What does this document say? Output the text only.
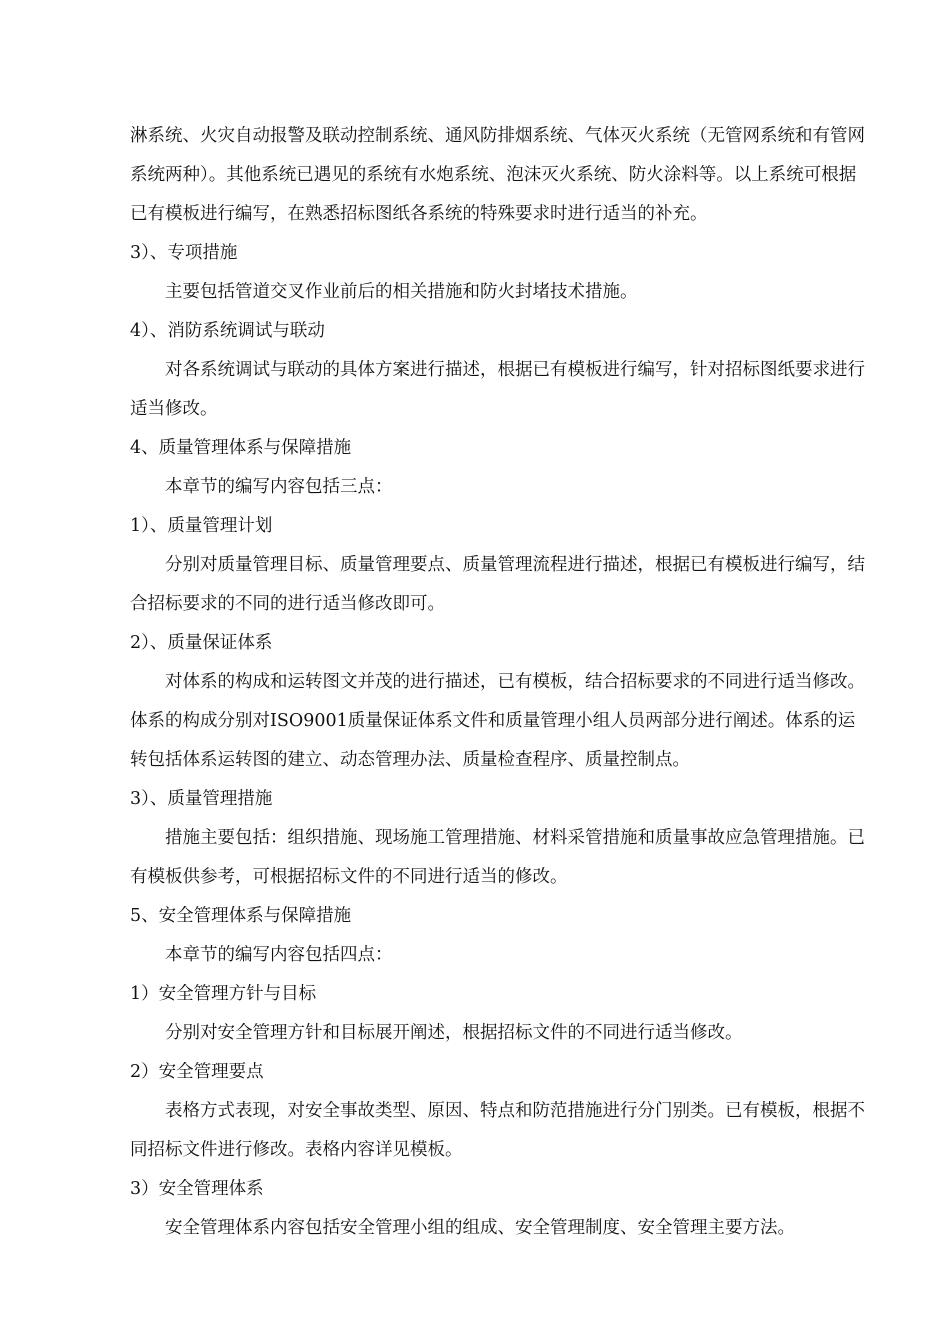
淋系统、火灾自动报警及联动控制系统、通风防排烟系统、气体灭火系统（无管网系统和有管网系统两种）。其他系统已遇见的系统有水炮系统、泡沫灭火系统、防火涂料等。以上系统可根据已有模板进行编写，在熟悉招标图纸各系统的特殊要求时进行适当的补充。

3）、专项措施

主要包括管道交叉作业前后的相关措施和防火封堵技术措施。

4）、消防系统调试与联动

对各系统调试与联动的具体方案进行描述，根据已有模板进行编写，针对招标图纸要求进行适当修改。

4、质量管理体系与保障措施

本章节的编写内容包括三点：

1）、质量管理计划

分别对质量管理目标、质量管理要点、质量管理流程进行描述，根据已有模板进行编写，结合招标要求的不同的进行适当修改即可。

2）、质量保证体系

对体系的构成和运转图文并茂的进行描述，已有模板，结合招标要求的不同进行适当修改。体系的构成分别对ISO9001质量保证体系文件和质量管理小组人员两部分进行阐述。体系的运转包括体系运转图的建立、动态管理办法、质量检查程序、质量控制点。

3）、质量管理措施

措施主要包括：组织措施、现场施工管理措施、材料采管措施和质量事故应急管理措施。已有模板供参考，可根据招标文件的不同进行适当的修改。

5、安全管理体系与保障措施

本章节的编写内容包括四点：

1）安全管理方针与目标

分别对安全管理方针和目标展开阐述，根据招标文件的不同进行适当修改。

2）安全管理要点

表格方式表现，对安全事故类型、原因、特点和防范措施进行分门别类。已有模板，根据不同招标文件进行修改。表格内容详见模板。

3）安全管理体系

安全管理体系内容包括安全管理小组的组成、安全管理制度、安全管理主要方法。
